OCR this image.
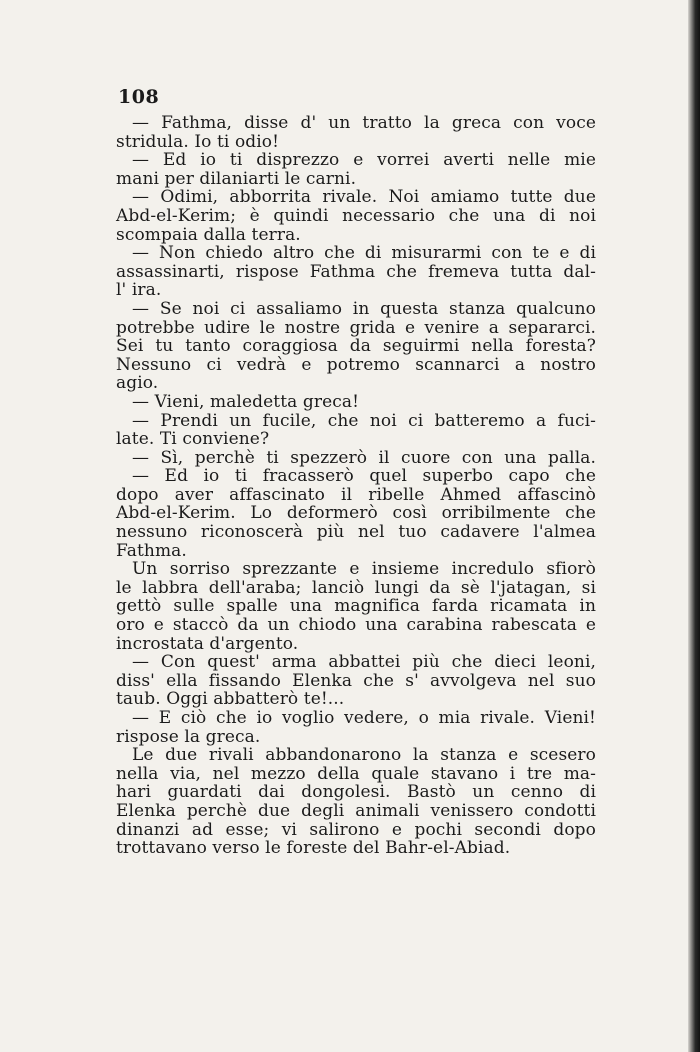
108
— Fathma, disse d' un tratto la greca con voce
stridula. Io ti odio!
— Ed io ti disprezzo e vorrei averti nelle mie
mani per dilaniarti le carni.
— Odimi, abborrita rivale. Noi amiamo tutte due
Abd-el-Kerim; è quindi necessario che una di noi
scompaia dalla terra.
— Non chiedo altro che di misurarmi con te e di
assassinarti, rispose Fathma che fremeva tutta dal-
l' ira.
— Se noi ci assaliamo in questa stanza qualcuno
potrebbe udire le nostre grida e venire a separarci.
Sei tu tanto coraggiosa da seguirmi nella foresta?
Nessuno ci vedrà e potremo scannarci a nostro
agio.
— Vieni, maledetta greca!
— Prendi un fucile, che noi ci batteremo a fuci-
late. Ti conviene?
— Sì, perchè ti spezzerò il cuore con una palla.
— Ed io ti fracasserò quel superbo capo che
dopo aver affascinato il ribelle Ahmed affascinò
Abd-el-Kerim. Lo deformerò così orribilmente che
nessuno riconoscerà più nel tuo cadavere l'almea
Fathma.
Un sorriso sprezzante e insieme incredulo sfiorò
le labbra dell'araba; lanciò lungi da sè l'jatagan, si
gettò sulle spalle una magnifica farda ricamata in
oro e staccò da un chiodo una carabina rabescata e
incrostata d'argento.
— Con quest' arma abbattei più che dieci leoni,
diss' ella fissando Elenka che s' avvolgeva nel suo
taub. Oggi abbatterò te!...
— E ciò che io voglio vedere, o mia rivale. Vieni!
rispose la greca.
Le due rivali abbandonarono la stanza e scesero
nella via, nel mezzo della quale stavano i tre ma-
hari guardati dai dongolesi. Bastò un cenno di
Elenka perchè due degli animali venissero condotti
dinanzi ad esse; vi salirono e pochi secondi dopo
trottavano verso le foreste del Bahr-el-Abiad.
